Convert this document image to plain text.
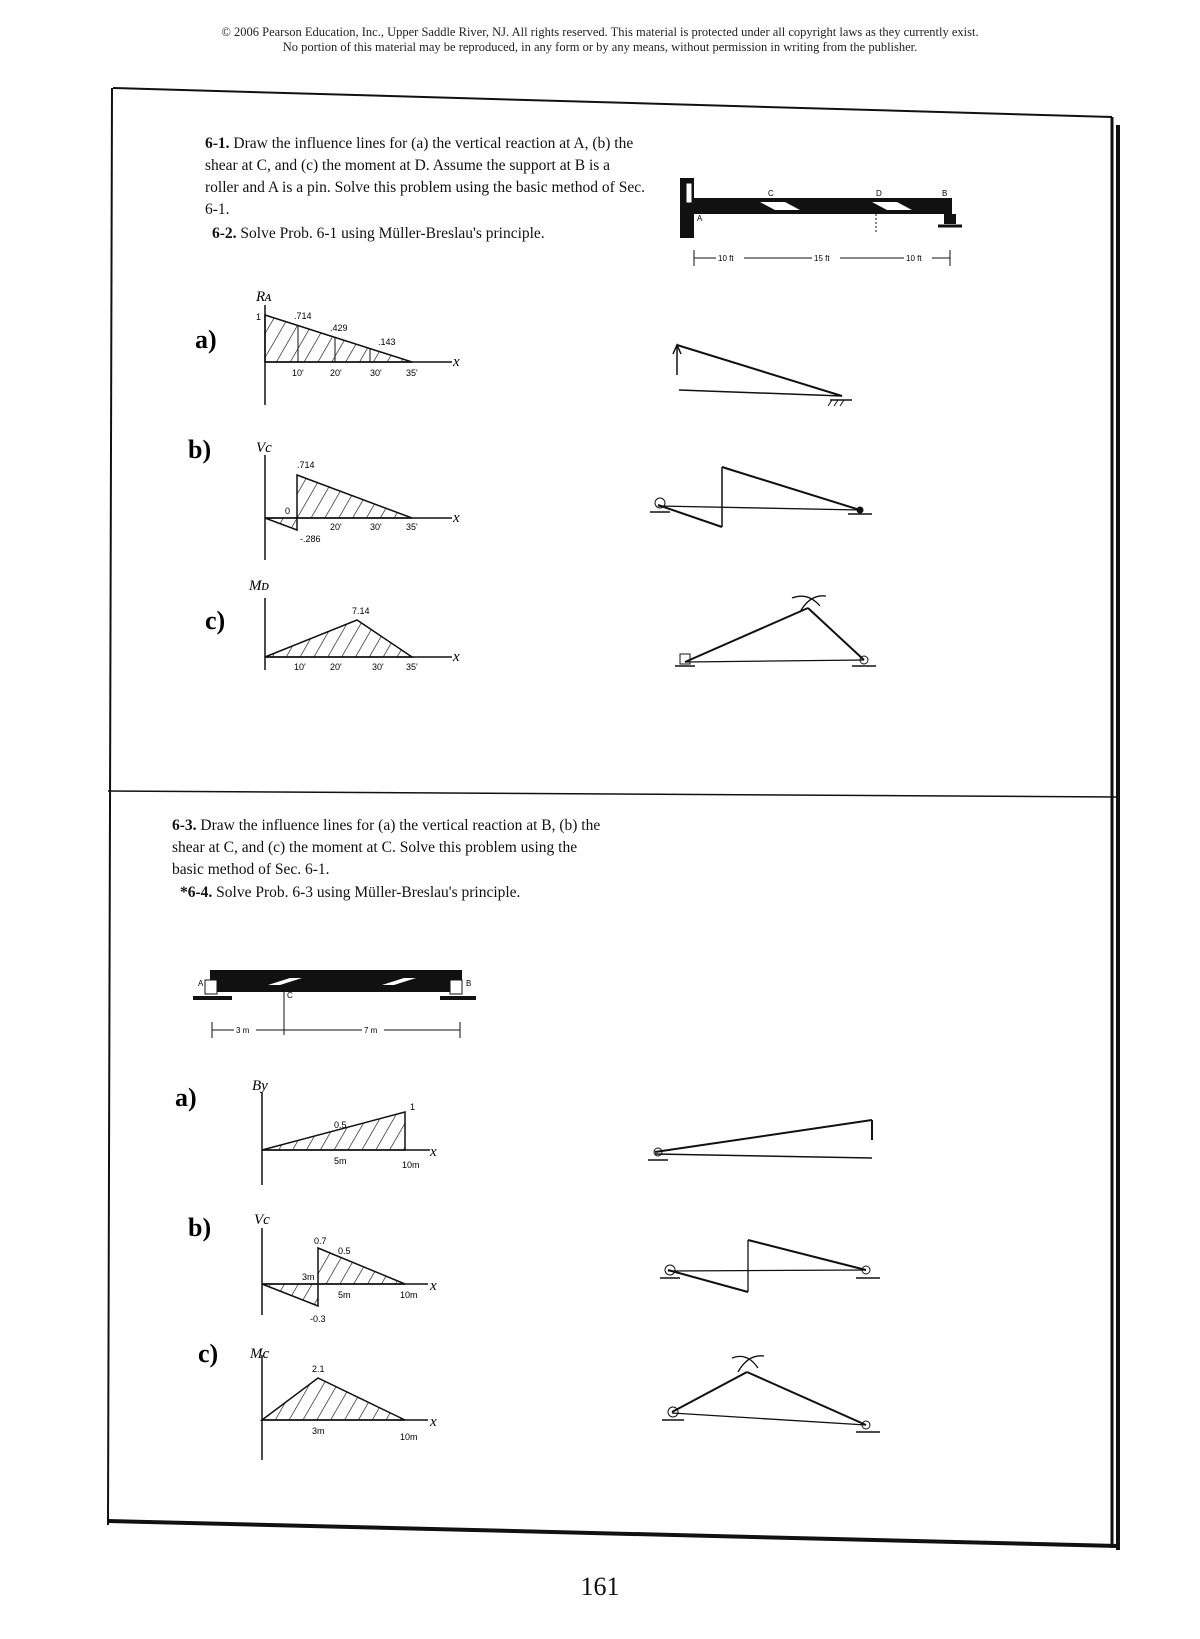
© 2006 Pearson Education, Inc., Upper Saddle River, NJ. All rights reserved. This material is protected under all copyright laws as they currently exist.
No portion of this material may be reproduced, in any form or by any means, without permission in writing from the publisher.

6-1. Draw the influence lines for (a) the vertical reaction at A, (b) the shear at C, and (c) the moment at D. Assume the support at B is a roller and A is a pin. Solve this problem using the basic method of Sec. 6-1.

6-2. Solve Prob. 6-1 using Müller-Breslau's principle.

6-3. Draw the influence lines for (a) the vertical reaction at B, (b) the shear at C, and (c) the moment at C. Solve this problem using the basic method of Sec. 6-1.

*6-4. Solve Prob. 6-3 using Müller-Breslau's principle.

A
C	D	B
10 ft	15 ft	10 ft
a)
Rᴀ
x
1	.714
.429
.143
10'	20'	30'	35'
b)	Vc
x
.714
-.286
0
20'	30'	35'
c)
Mᴅ
x
7.14
10'	20'	30' 35'
A
C
B
3 m	7 m
a)	By
x
0.5
1
5m	10m
b)	Vc
x
0.7
0.5
-0.3
3m
5m	10m
c) Mc
x
2.1
3m
10m
161
